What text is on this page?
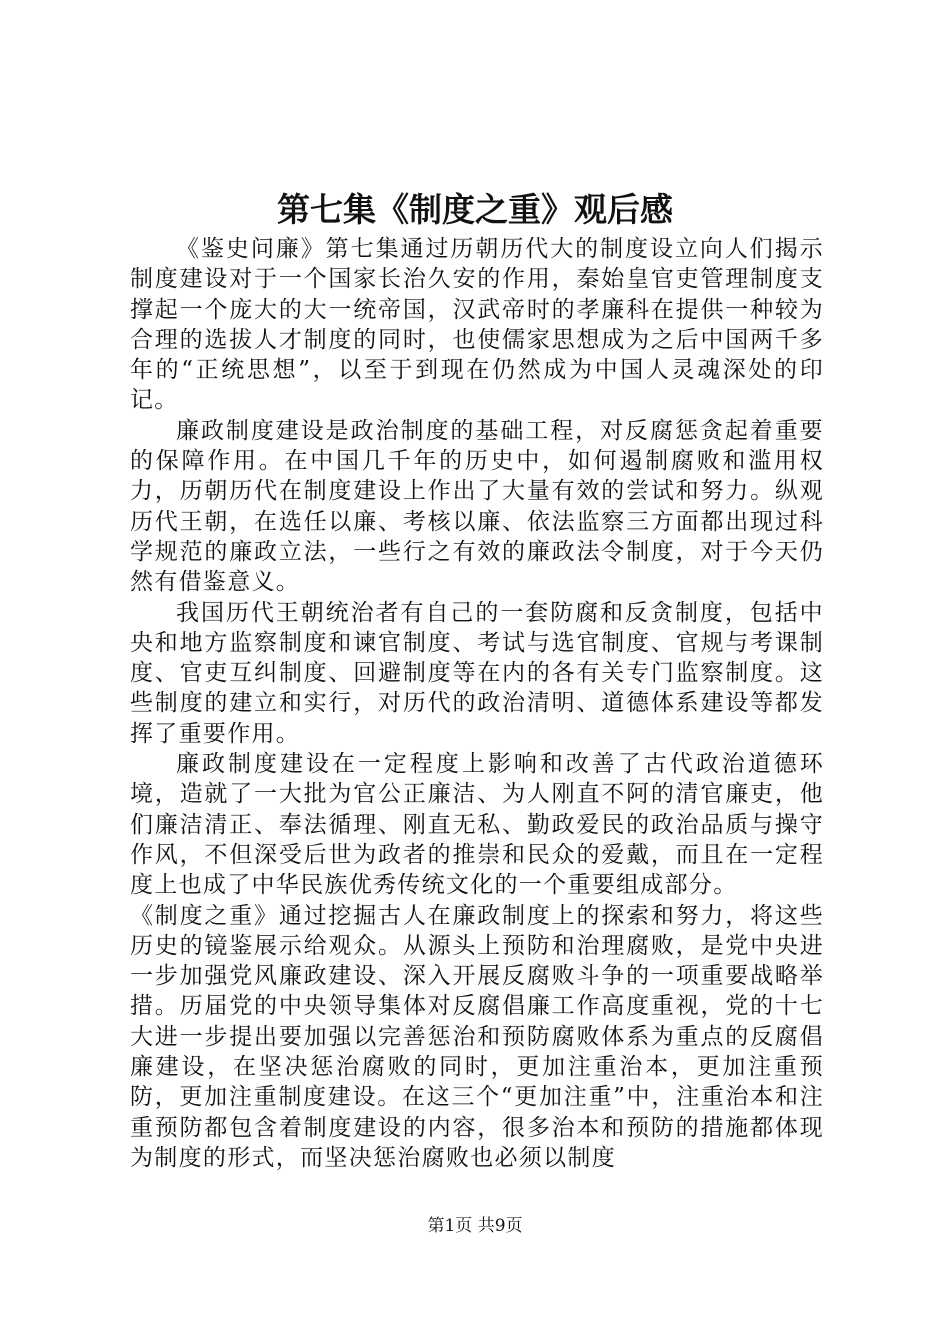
第七集《制度之重》观后感

《鉴史问廉》第七集通过历朝历代大的制度设立向人们揭示制度建设对于一个国家长治久安的作用，秦始皇官吏管理制度支撑起一个庞大的大一统帝国，汉武帝时的孝廉科在提供一种较为合理的选拔人才制度的同时，也使儒家思想成为之后中国两千多年的“正统思想”，以至于到现在仍然成为中国人灵魂深处的印记。

廉政制度建设是政治制度的基础工程，对反腐惩贪起着重要的保障作用。在中国几千年的历史中，如何遏制腐败和滥用权力，历朝历代在制度建设上作出了大量有效的尝试和努力。纵观历代王朝，在选任以廉、考核以廉、依法监察三方面都出现过科学规范的廉政立法，一些行之有效的廉政法令制度，对于今天仍然有借鉴意义。

我国历代王朝统治者有自己的一套防腐和反贪制度，包括中央和地方监察制度和谏官制度、考试与选官制度、官规与考课制度、官吏互纠制度、回避制度等在内的各有关专门监察制度。这些制度的建立和实行，对历代的政治清明、道德体系建设等都发挥了重要作用。

廉政制度建设在一定程度上影响和改善了古代政治道德环境，造就了一大批为官公正廉洁、为人刚直不阿的清官廉吏，他们廉洁清正、奉法循理、刚直无私、勤政爱民的政治品质与操守作风，不但深受后世为政者的推崇和民众的爱戴，而且在一定程度上也成了中华民族优秀传统文化的一个重要组成部分。

《制度之重》通过挖掘古人在廉政制度上的探索和努力，将这些历史的镜鉴展示给观众。从源头上预防和治理腐败，是党中央进一步加强党风廉政建设、深入开展反腐败斗争的一项重要战略举措。历届党的中央领导集体对反腐倡廉工作高度重视，党的十七大进一步提出要加强以完善惩治和预防腐败体系为重点的反腐倡廉建设，在坚决惩治腐败的同时，更加注重治本，更加注重预防，更加注重制度建设。在这三个“更加注重”中，注重治本和注重预防都包含着制度建设的内容，很多治本和预防的措施都体现为制度的形式，而坚决惩治腐败也必须以制度

第1页 共9页
